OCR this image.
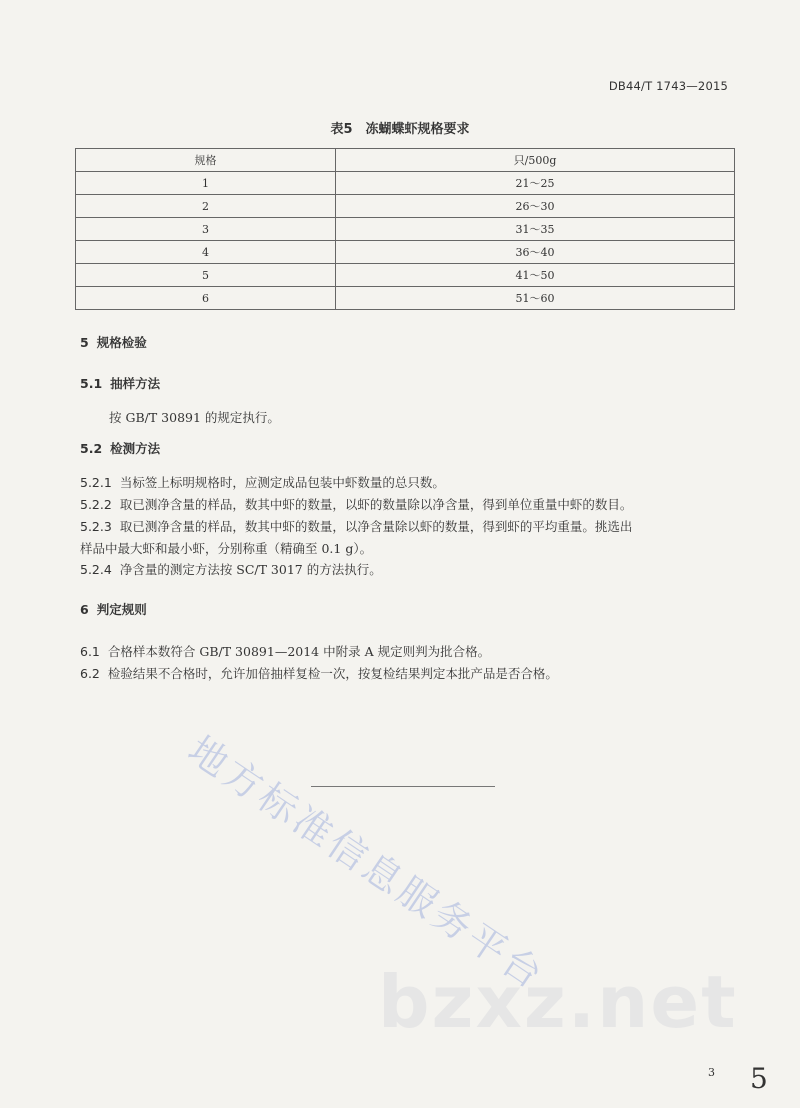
DB44/T 1743—2015
表5　冻蝴蝶虾规格要求
规格	只/500g
1	21～25
2	26～30
3	31～35
4	36～40
5	41～50
6	51～60
5 规格检验
5.1 抽样方法
按 GB/T 30891 的规定执行。
5.2 检测方法
5.2.1 当标签上标明规格时，应测定成品包装中虾数量的总只数。
5.2.2 取已测净含量的样品，数其中虾的数量，以虾的数量除以净含量，得到单位重量中虾的数目。
5.2.3 取已测净含量的样品，数其中虾的数量，以净含量除以虾的数量，得到虾的平均重量。挑选出
样品中最大虾和最小虾，分别称重（精确至 0.1 g）。
5.2.4 净含量的测定方法按 SC/T 3017 的方法执行。
6 判定规则
6.1 合格样本数符合 GB/T 30891—2014 中附录 A 规定则判为批合格。
6.2 检验结果不合格时，允许加倍抽样复检一次，按复检结果判定本批产品是否合格。
地方标准信息服务平台
bzxz.net
3 5
